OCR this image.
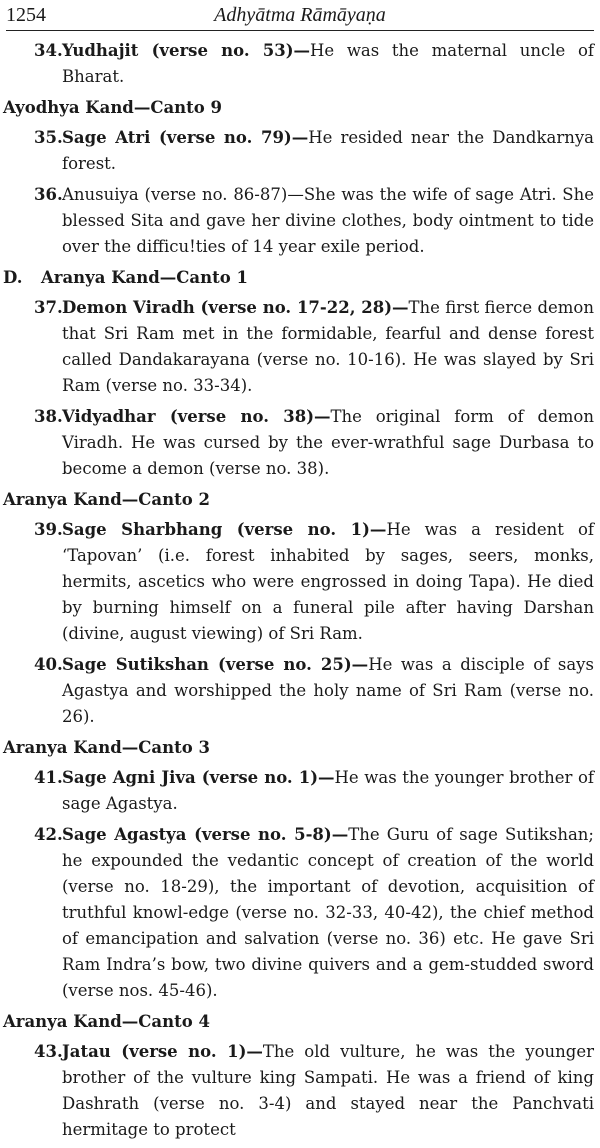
1254	Adhyātma Rāmāyaṇa
34. Yudhajit (verse no. 53)—He was the maternal uncle of Bharat.
Ayodhya Kand—Canto 9
35. Sage Atri (verse no. 79)—He resided near the Dandkarnya forest.
36. Anusuiya (verse no. 86-87)—She was the wife of sage Atri. She blessed Sita and gave her divine clothes, body ointment to tide over the difficu!ties of 14 year exile period.
D. Aranya Kand—Canto 1
37. Demon Viradh (verse no. 17-22, 28)—The first fierce demon that Sri Ram met in the formidable, fearful and dense forest called Dandakarayana (verse no. 10-16). He was slayed by Sri Ram (verse no. 33-34).
38. Vidyadhar (verse no. 38)—The original form of demon Viradh. He was cursed by the ever-wrathful sage Durbasa to become a demon (verse no. 38).
Aranya Kand—Canto 2
39. Sage Sharbhang (verse no. 1)—He was a resident of ‘Tapovan’ (i.e. forest inhabited by sages, seers, monks, hermits, ascetics who were engrossed in doing Tapa). He died by burning himself on a funeral pile after having Darshan (divine, august viewing) of Sri Ram.
40. Sage Sutikshan (verse no. 25)—He was a disciple of says Agastya and worshipped the holy name of Sri Ram (verse no. 26).
Aranya Kand—Canto 3
41. Sage Agni Jiva (verse no. 1)—He was the younger brother of sage Agastya.
42. Sage Agastya (verse no. 5-8)—The Guru of sage Sutikshan; he expounded the vedantic concept of creation of the world (verse no. 18-29), the important of devotion, acquisition of truthful knowl-edge (verse no. 32-33, 40-42), the chief method of emancipation and salvation (verse no. 36) etc. He gave Sri Ram Indra’s bow, two divine quivers and a gem-studded sword (verse nos. 45-46).
Aranya Kand—Canto 4
43. Jatau (verse no. 1)—The old vulture, he was the younger brother of the vulture king Sampati. He was a friend of king Dashrath (verse no. 3-4) and stayed near the Panchvati hermitage to protect
